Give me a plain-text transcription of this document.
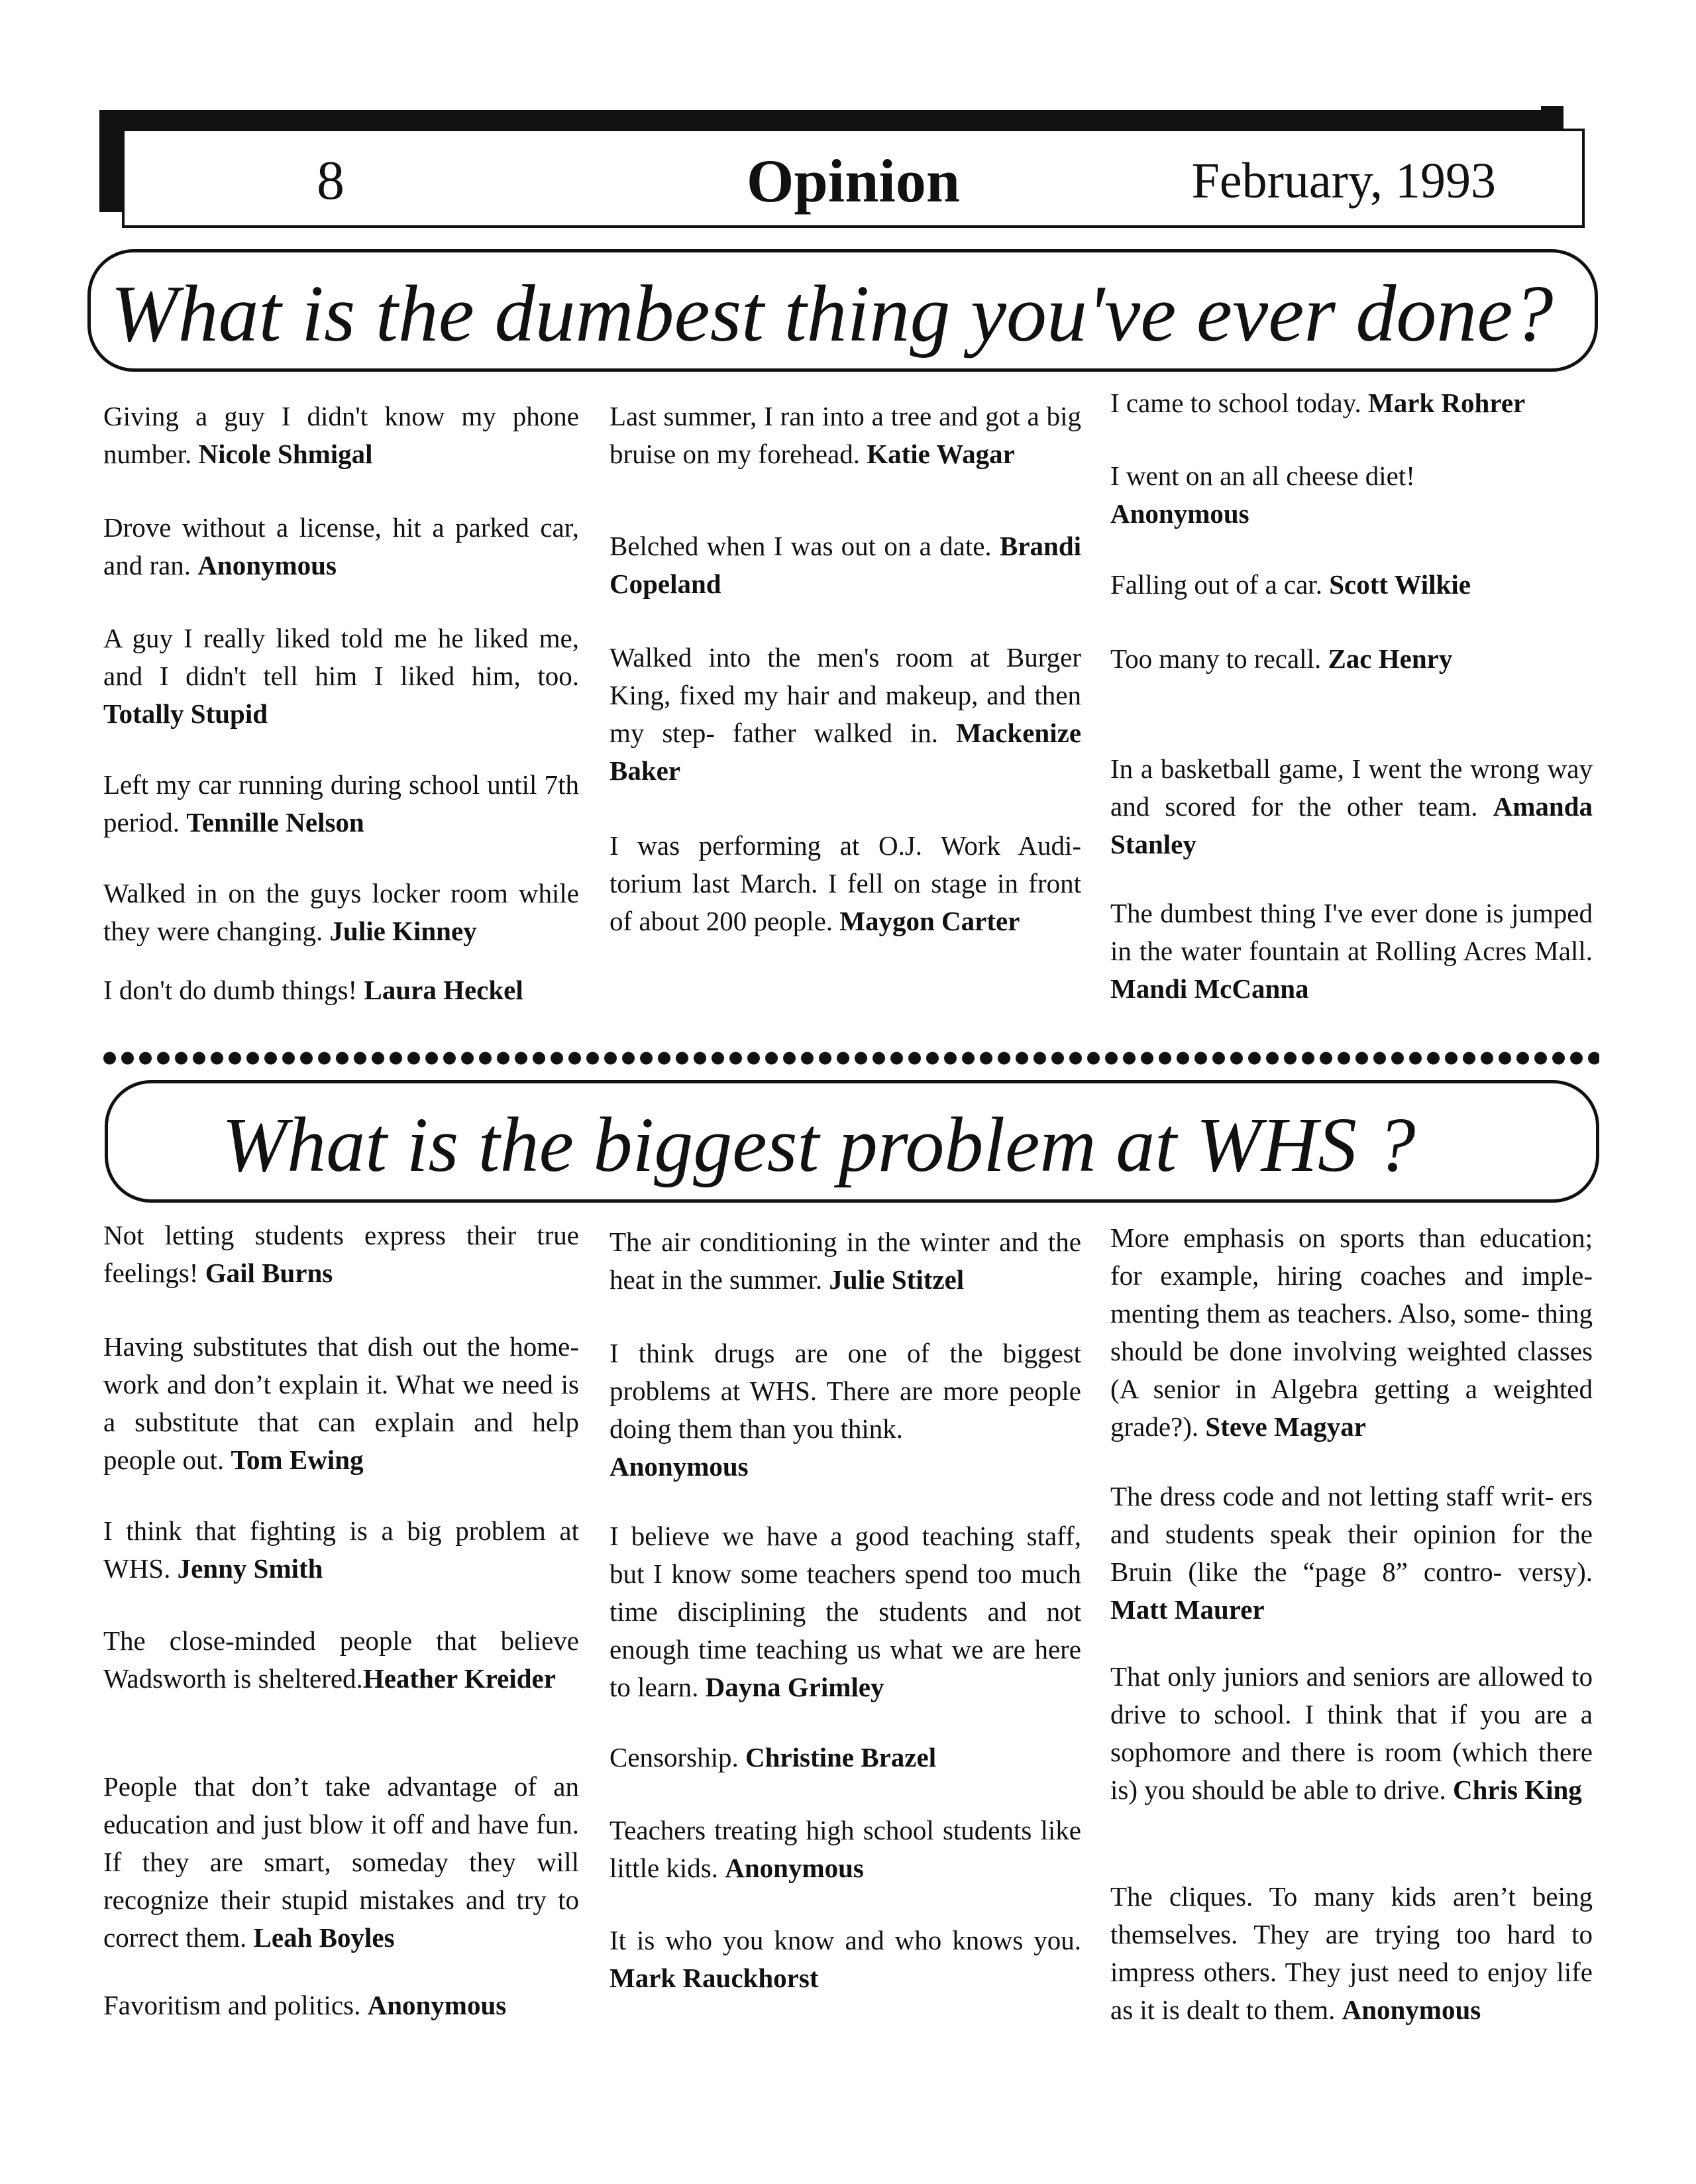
8	Opinion	February, 1993
What is the dumbest thing you've ever done?

Giving a guy I didn't know my phone number. Nicole Shmigal

Drove without a license, hit a parked car, and ran. Anonymous

A guy I really liked told me he liked me, and I didn't tell him I liked him, too. Totally Stupid

Left my car running during school until 7th period. Tennille Nelson

Walked in on the guys locker room while they were changing. Julie Kinney

I don't do dumb things! Laura Heckel

Last summer, I ran into a tree and got a big bruise on my forehead. Katie Wagar

Belched when I was out on a date. Brandi Copeland

Walked into the men's room at Burger King, fixed my hair and makeup, and then my step- father walked in. Mackenize Baker

I was performing at O.J. Work Audi- torium last March. I fell on stage in front of about 200 people. Maygon Carter

I came to school today. Mark Rohrer

I went on an all cheese diet!
Anonymous

Falling out of a car. Scott Wilkie

Too many to recall. Zac Henry

In a basketball game, I went the wrong way and scored for the other team. Amanda Stanley

The dumbest thing I've ever done is jumped in the water fountain at Rolling Acres Mall. Mandi McCanna

What is the biggest problem at WHS ?

Not letting students express their true feelings! Gail Burns

Having substitutes that dish out the home- work and don’t explain it. What we need is a substitute that can explain and help people out. Tom Ewing

I think that fighting is a big problem at WHS. Jenny Smith

The close-minded people that believe Wadsworth is sheltered.Heather Kreider

People that don’t take advantage of an education and just blow it off and have fun. If they are smart, someday they will recognize their stupid mistakes and try to correct them. Leah Boyles

Favoritism and politics. Anonymous

The air conditioning in the winter and the heat in the summer. Julie Stitzel

I think drugs are one of the biggest problems at WHS. There are more people doing them than you think.
Anonymous

I believe we have a good teaching staff, but I know some teachers spend too much time disciplining the students and not enough time teaching us what we are here to learn. Dayna Grimley

Censorship. Christine Brazel

Teachers treating high school students like little kids. Anonymous

It is who you know and who knows you. Mark Rauckhorst

More emphasis on sports than education; for example, hiring coaches and imple- menting them as teachers. Also, some- thing should be done involving weighted classes (A senior in Algebra getting a weighted grade?). Steve Magyar

The dress code and not letting staff writ- ers and students speak their opinion for the Bruin (like the “page 8” contro- versy). Matt Maurer

That only juniors and seniors are allowed to drive to school. I think that if you are a sophomore and there is room (which there is) you should be able to drive. Chris King

The cliques. To many kids aren’t being themselves. They are trying too hard to impress others. They just need to enjoy life as it is dealt to them. Anonymous
